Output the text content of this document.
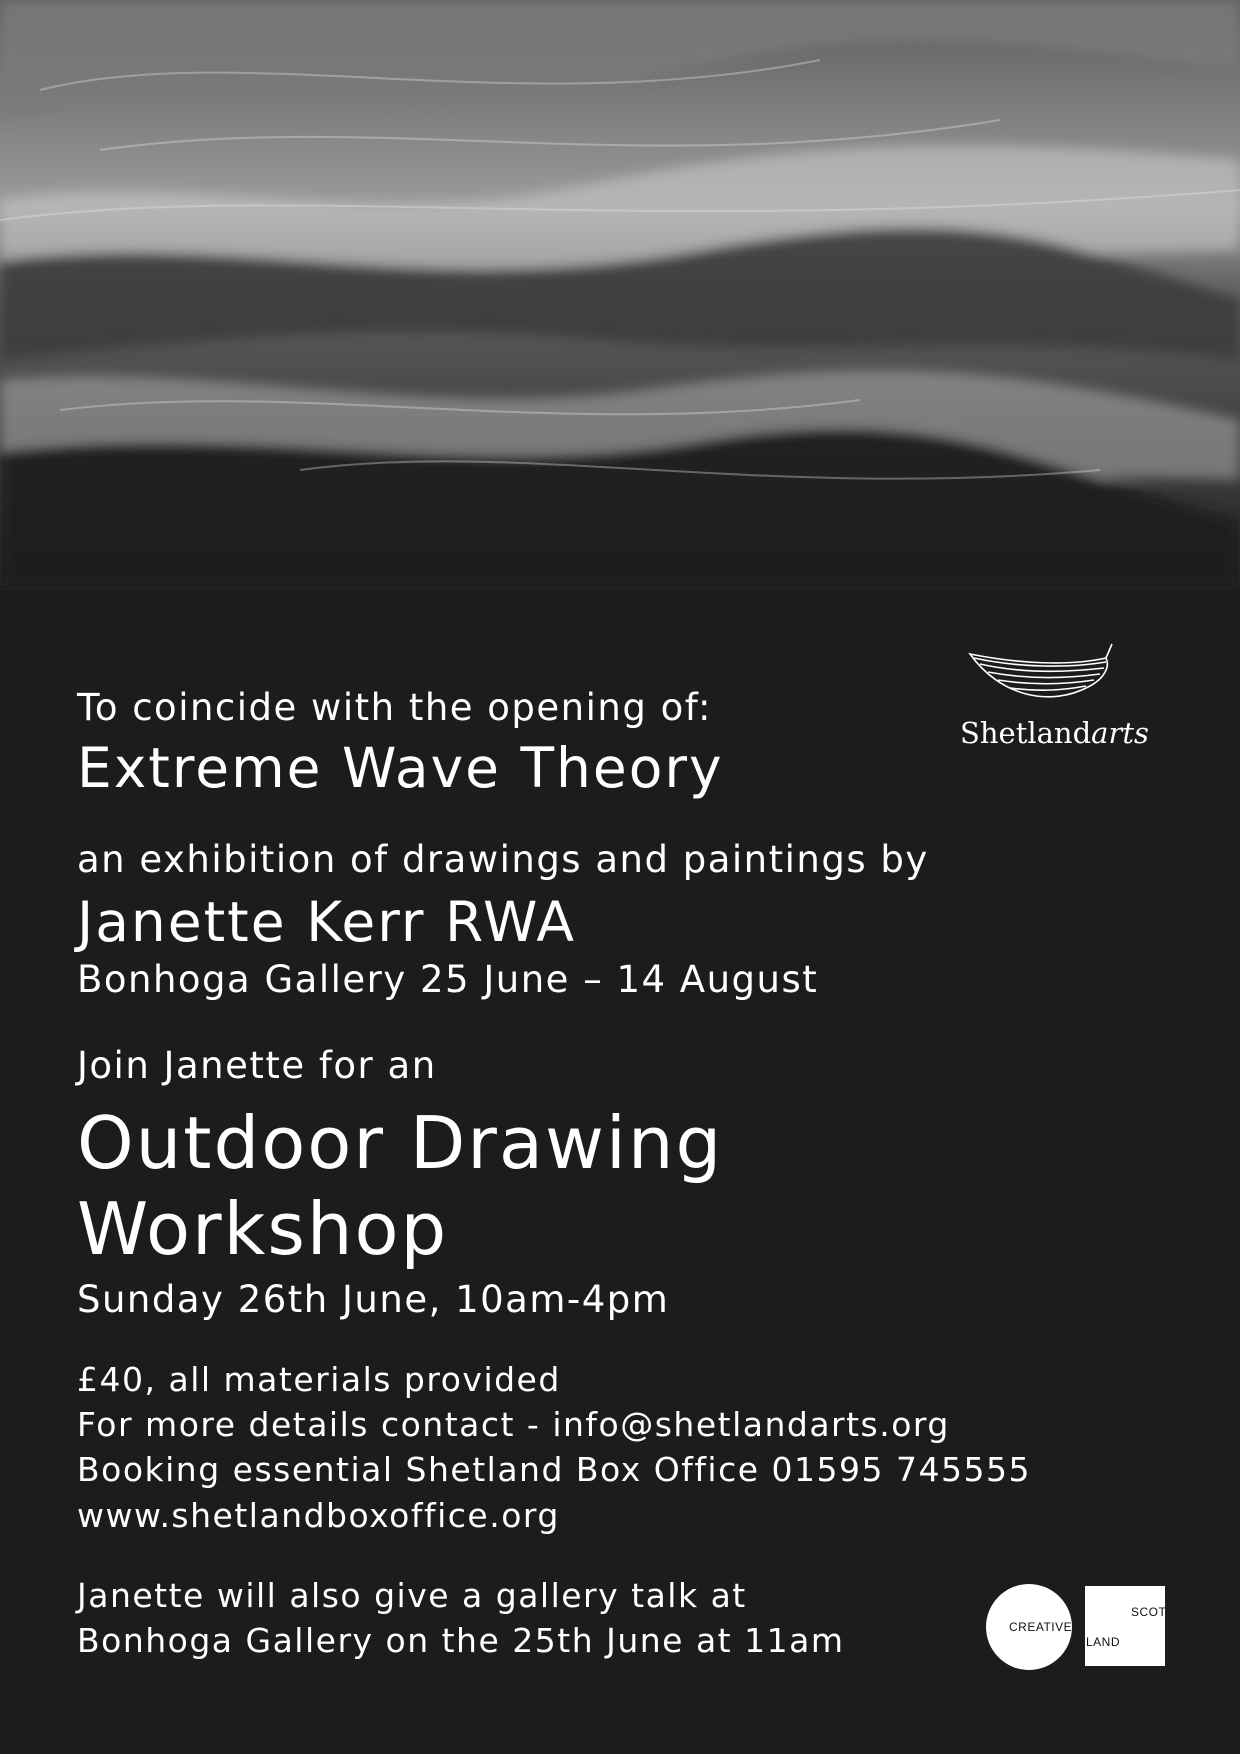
Shetlandarts
To coincide with the opening of:
Extreme Wave Theory
an exhibition of drawings and paintings by
Janette Kerr RWA
Bonhoga Gallery 25 June – 14 August
Join Janette for an
Outdoor Drawing
Workshop
Sunday 26th June, 10am-4pm
£40, all materials provided
For more details contact - info@shetlandarts.org
Booking essential Shetland Box Office 01595 745555
www.shetlandboxoffice.org
Janette will also give a gallery talk at
Bonhoga Gallery on the 25th June at 11am	CREATIVE
SCOT
LAND
